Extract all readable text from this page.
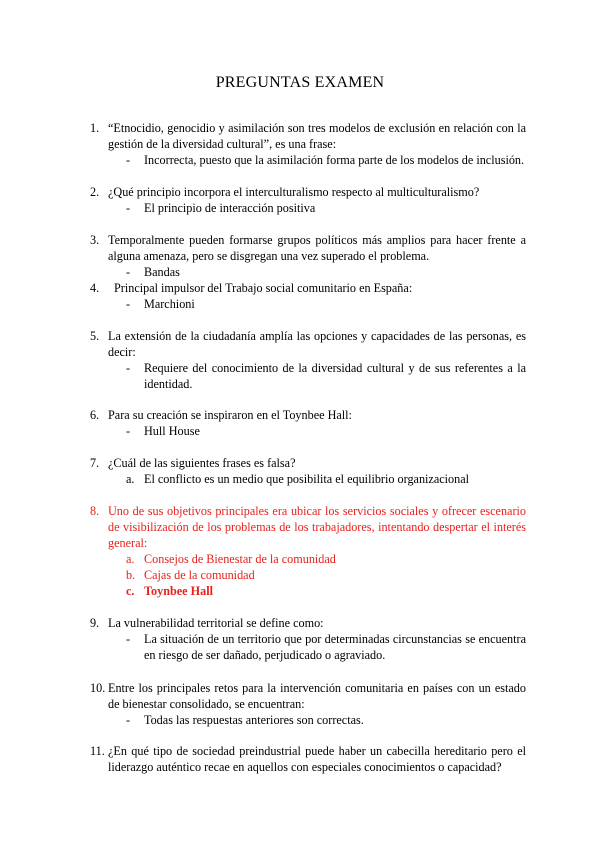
PREGUNTAS EXAMEN
1. “Etnocidio, genocidio y asimilación son tres modelos de exclusión en relación con la gestión de la diversidad cultural”, es una frase:
-	Incorrecta, puesto que la asimilación forma parte de los modelos de inclusión.
2. ¿Qué principio incorpora el interculturalismo respecto al multiculturalismo?
-	El principio de interacción positiva
3. Temporalmente pueden formarse grupos políticos más amplios para hacer frente a alguna amenaza, pero se disgregan una vez superado el problema.
-	Bandas
4.	Principal impulsor del Trabajo social comunitario en España:
-	Marchioni
5. La extensión de la ciudadanía amplía las opciones y capacidades de las personas, es decir:
-	Requiere del conocimiento de la diversidad cultural y de sus referentes a la identidad.
6. Para su creación se inspiraron en el Toynbee Hall:
-	Hull House
7. ¿Cuál de las siguientes frases es falsa?
a. El conflicto es un medio que posibilita el equilibrio organizacional
8. Uno de sus objetivos principales era ubicar los servicios sociales y ofrecer escenario de visibilización de los problemas de los trabajadores, intentando despertar el interés general:
a. Consejos de Bienestar de la comunidad
b. Cajas de la comunidad
c. Toynbee Hall
9. La vulnerabilidad territorial se define como:
-	La situación de un territorio que por determinadas circunstancias se encuentra en riesgo de ser dañado, perjudicado o agraviado.
10. Entre los principales retos para la intervención comunitaria en países con un estado de bienestar consolidado, se encuentran:
-	Todas las respuestas anteriores son correctas.
11. ¿En qué tipo de sociedad preindustrial puede haber un cabecilla hereditario pero el liderazgo auténtico recae en aquellos con especiales conocimientos o capacidad?
